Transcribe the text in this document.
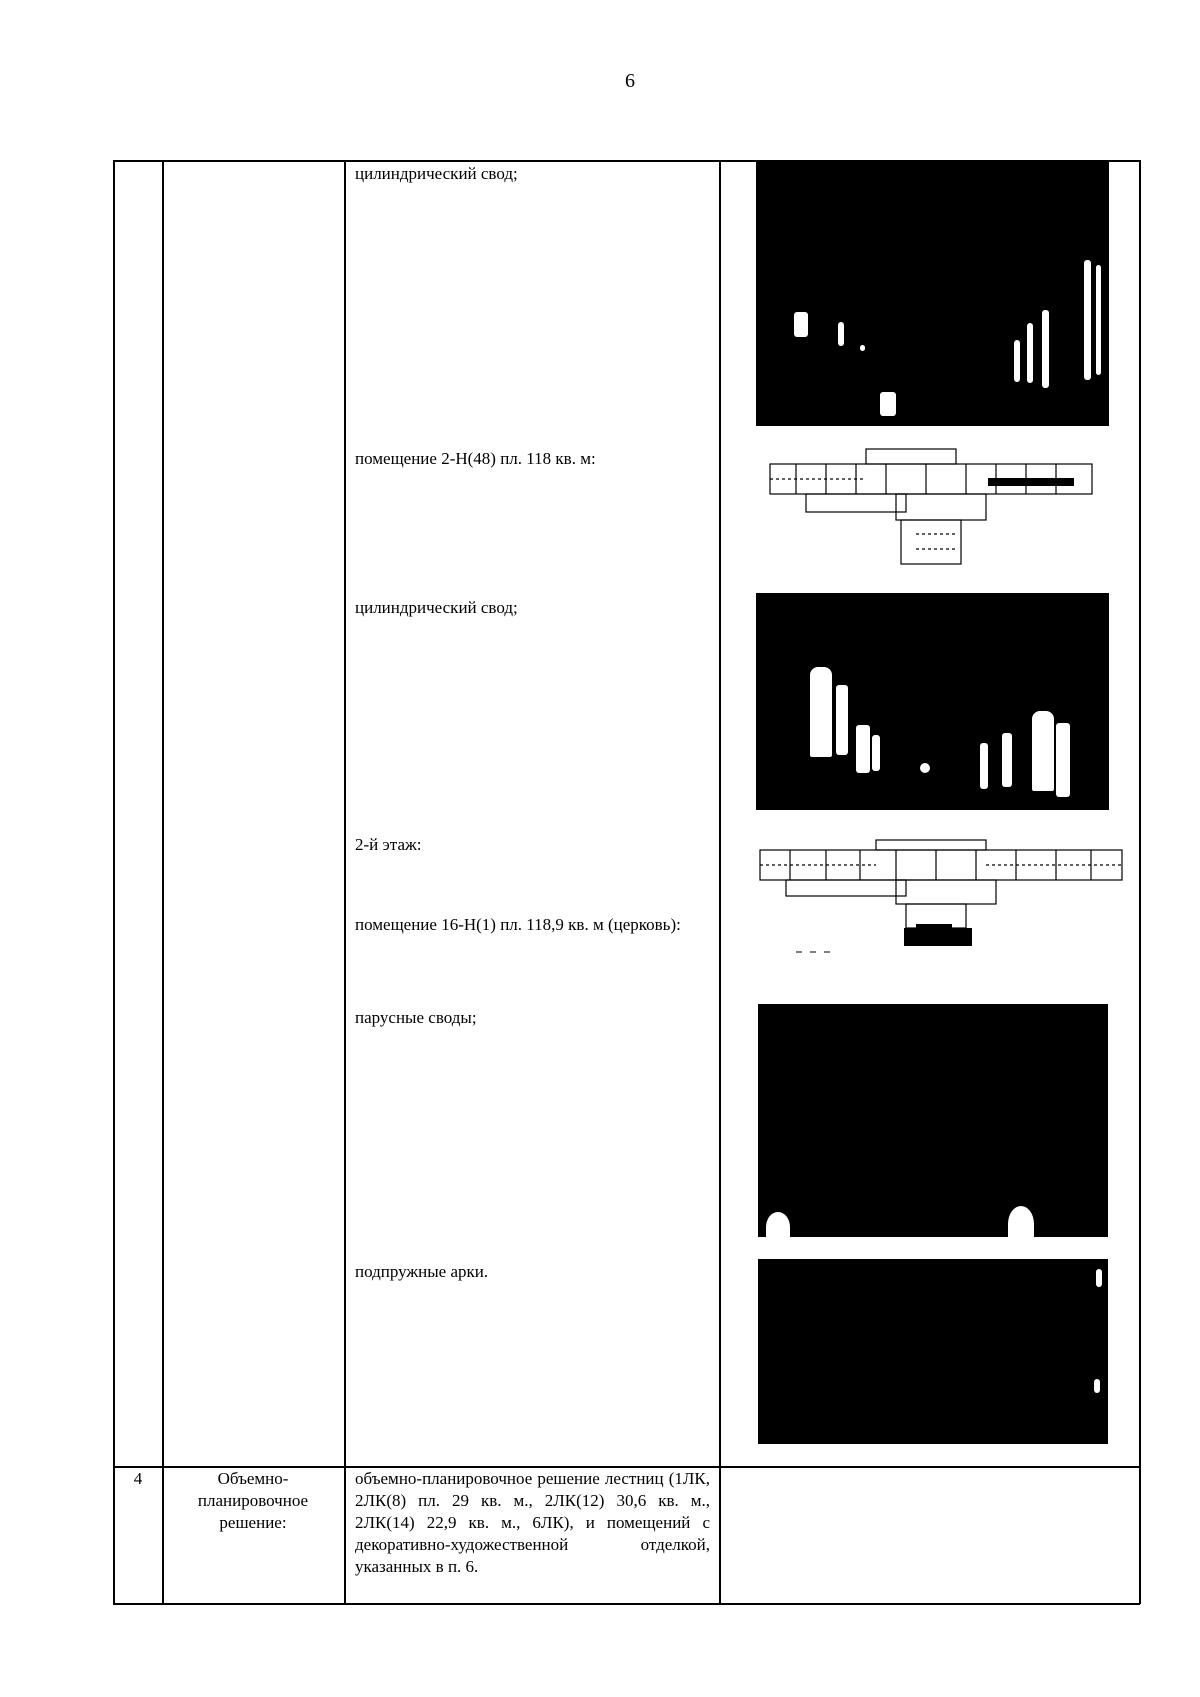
6
цилиндрический свод;
помещение 2-Н(48) пл. 118 кв. м:
цилиндрический свод;
2-й этаж:
помещение 16-Н(1) пл. 118,9 кв. м (церковь):
парусные своды;
подпружные арки.
4	Объемно-планировочное решение:
объемно-планировочное решение лестниц (1ЛК, 2ЛК(8) пл. 29 кв. м., 2ЛК(12) 30,6 кв. м., 2ЛК(14) 22,9 кв. м., 6ЛК), и помещений с декоративно-художественной отделкой, указанных в п. 6.
